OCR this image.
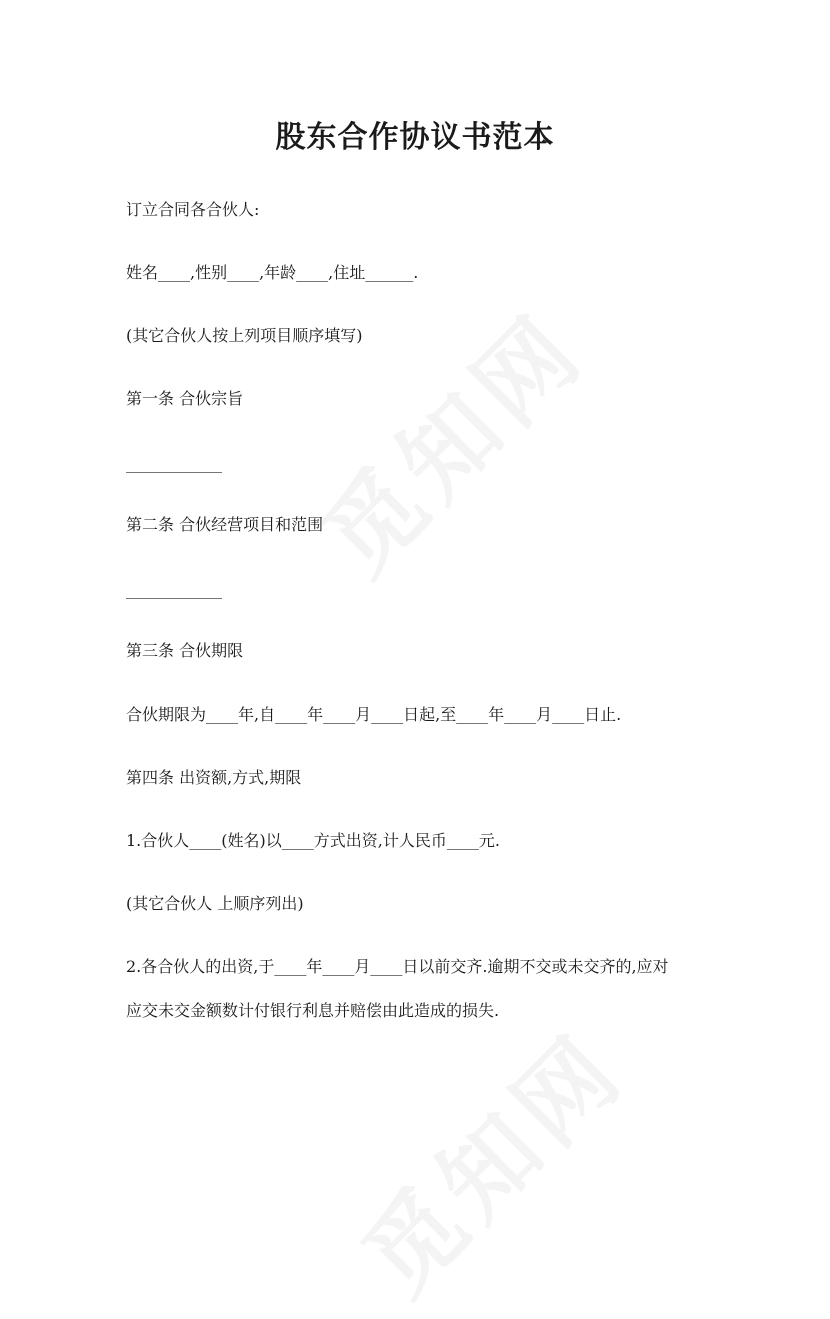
股东合作协议书范本

订立合同各合伙人:

姓名____,性别____,年龄____,住址______.

(其它合伙人按上列项目顺序填写)

第一条 合伙宗旨

____________

第二条 合伙经营项目和范围

____________

第三条 合伙期限

合伙期限为____年,自____年____月____日起,至____年____月____日止.

第四条 出资额,方式,期限

1.合伙人____(姓名)以____方式出资,计人民币____元.

(其它合伙人 上顺序列出)

2.各合伙人的出资,于____年____月____日以前交齐.逾期不交或未交齐的,应对

应交未交金额数计付银行利息并赔偿由此造成的损失.
